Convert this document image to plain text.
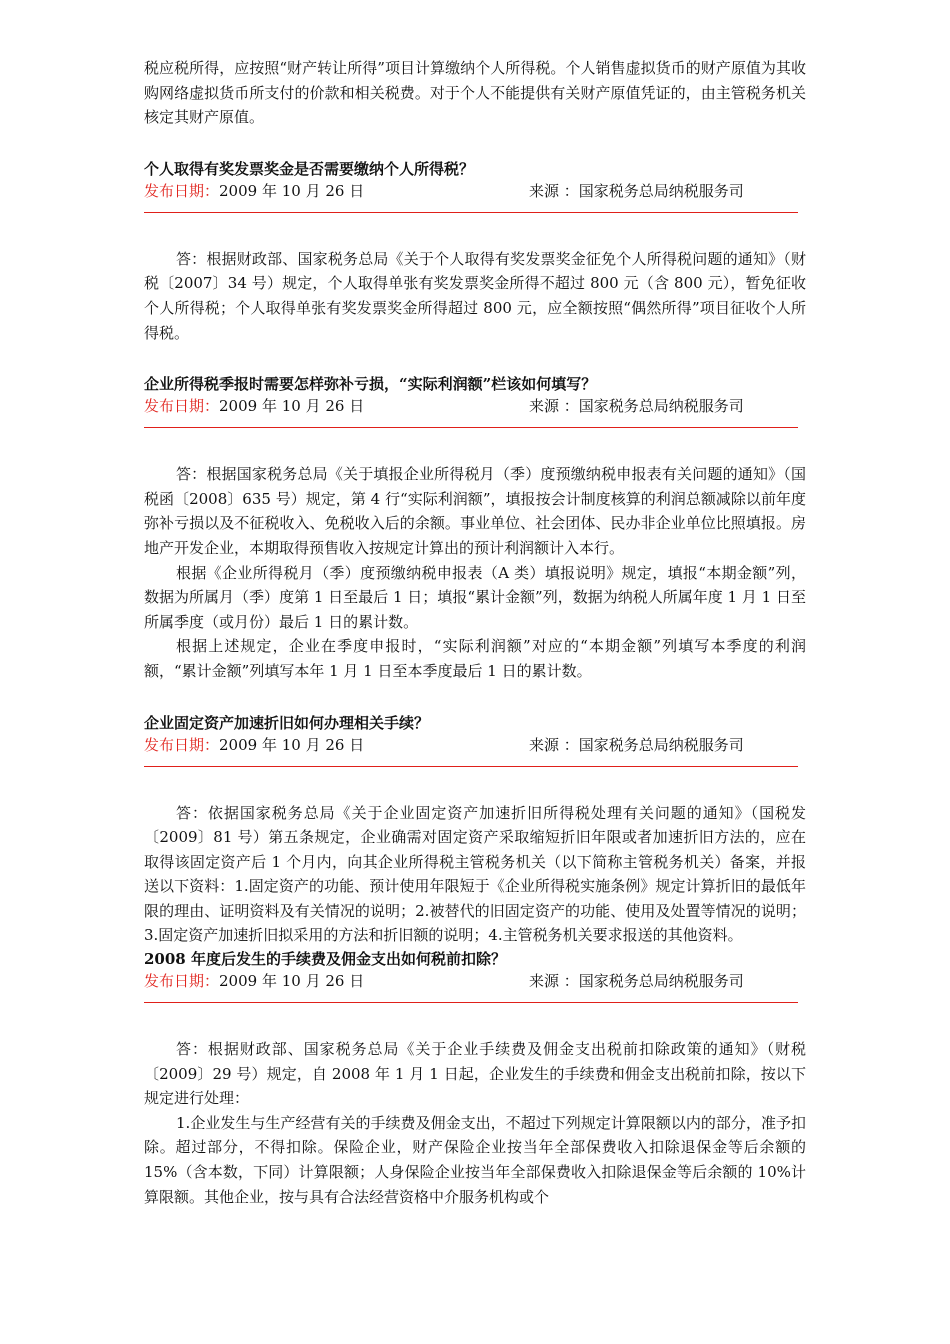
税应税所得，应按照“财产转让所得”项目计算缴纳个人所得税。个人销售虚拟货币的财产原值为其收购网络虚拟货币所支付的价款和相关税费。对于个人不能提供有关财产原值凭证的，由主管税务机关核定其财产原值。

个人取得有奖发票奖金是否需要缴纳个人所得税？

发布日期：2009 年 10 月 26 日	来源 ：国家税务总局纳税服务司

答：根据财政部、国家税务总局《关于个人取得有奖发票奖金征免个人所得税问题的通知》（财税〔2007〕34 号）规定，个人取得单张有奖发票奖金所得不超过 800 元（含 800 元），暂免征收个人所得税；个人取得单张有奖发票奖金所得超过 800 元，应全额按照“偶然所得”项目征收个人所得税。

企业所得税季报时需要怎样弥补亏损，“实际利润额”栏该如何填写？

发布日期：2009 年 10 月 26 日	来源 ：国家税务总局纳税服务司

答：根据国家税务总局《关于填报企业所得税月（季）度预缴纳税申报表有关问题的通知》（国税函〔2008〕635 号）规定，第 4 行“实际利润额”，填报按会计制度核算的利润总额减除以前年度弥补亏损以及不征税收入、免税收入后的余额。事业单位、社会团体、民办非企业单位比照填报。房地产开发企业，本期取得预售收入按规定计算出的预计利润额计入本行。

根据《企业所得税月（季）度预缴纳税申报表（A 类）填报说明》规定，填报“本期金额”列，数据为所属月（季）度第 1 日至最后 1 日；填报“累计金额”列，数据为纳税人所属年度 1 月 1 日至所属季度（或月份）最后 1 日的累计数。

根据上述规定，企业在季度申报时，“实际利润额”对应的“本期金额”列填写本季度的利润额，“累计金额”列填写本年 1 月 1 日至本季度最后 1 日的累计数。

企业固定资产加速折旧如何办理相关手续？

发布日期：2009 年 10 月 26 日	来源 ：国家税务总局纳税服务司

答：依据国家税务总局《关于企业固定资产加速折旧所得税处理有关问题的通知》（国税发〔2009〕81 号）第五条规定，企业确需对固定资产采取缩短折旧年限或者加速折旧方法的，应在取得该固定资产后 1 个月内，向其企业所得税主管税务机关（以下简称主管税务机关）备案，并报送以下资料：1.固定资产的功能、预计使用年限短于《企业所得税实施条例》规定计算折旧的最低年限的理由、证明资料及有关情况的说明；2.被替代的旧固定资产的功能、使用及处置等情况的说明；3.固定资产加速折旧拟采用的方法和折旧额的说明；4.主管税务机关要求报送的其他资料。

2008 年度后发生的手续费及佣金支出如何税前扣除？

发布日期：2009 年 10 月 26 日	来源 ：国家税务总局纳税服务司

答：根据财政部、国家税务总局《关于企业手续费及佣金支出税前扣除政策的通知》（财税〔2009〕29 号）规定，自 2008 年 1 月 1 日起，企业发生的手续费和佣金支出税前扣除，按以下规定进行处理：

1.企业发生与生产经营有关的手续费及佣金支出，不超过下列规定计算限额以内的部分，准予扣除。超过部分，不得扣除。保险企业，财产保险企业按当年全部保费收入扣除退保金等后余额的 15%（含本数，下同）计算限额；人身保险企业按当年全部保费收入扣除退保金等后余额的 10%计算限额。其他企业，按与具有合法经营资格中介服务机构或个
